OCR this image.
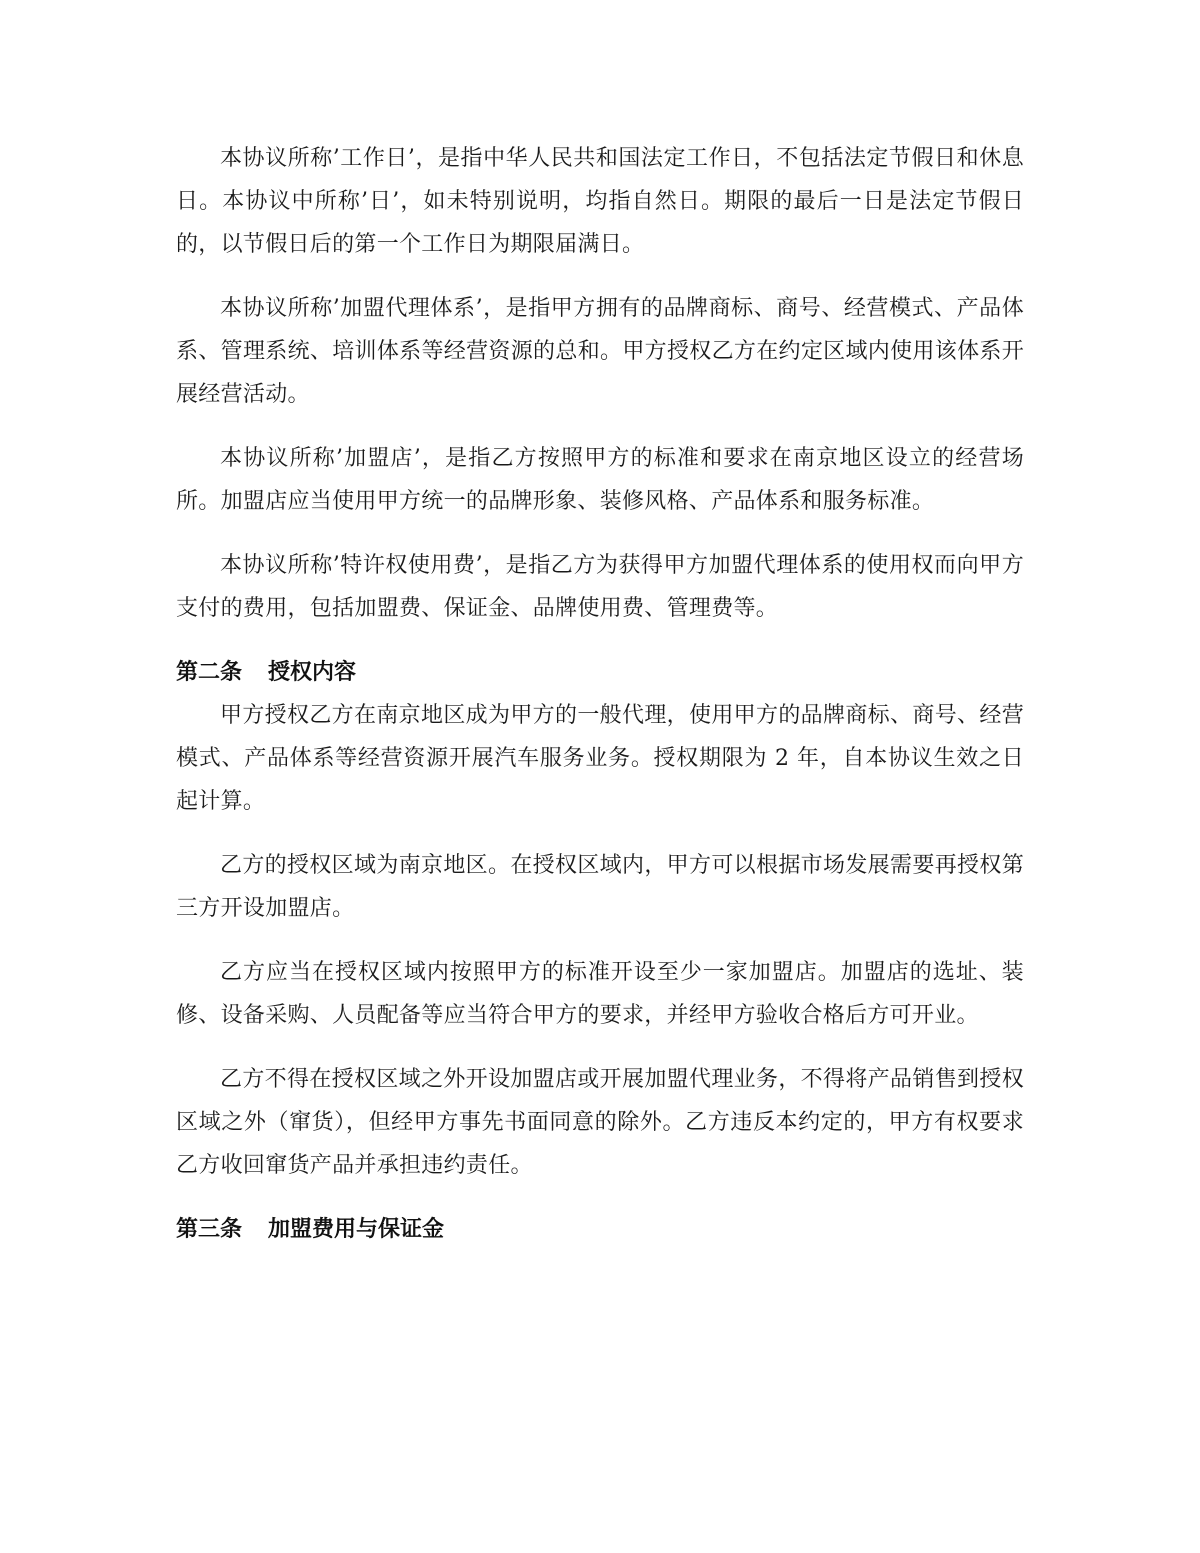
本协议所称’工作日’，是指中华人民共和国法定工作日，不包括法定节假日和休息日。本协议中所称’日’，如未特别说明，均指自然日。期限的最后一日是法定节假日的，以节假日后的第一个工作日为期限届满日。

本协议所称’加盟代理体系’，是指甲方拥有的品牌商标、商号、经营模式、产品体系、管理系统、培训体系等经营资源的总和。甲方授权乙方在约定区域内使用该体系开展经营活动。

本协议所称’加盟店’，是指乙方按照甲方的标准和要求在南京地区设立的经营场所。加盟店应当使用甲方统一的品牌形象、装修风格、产品体系和服务标准。

本协议所称’特许权使用费’，是指乙方为获得甲方加盟代理体系的使用权而向甲方支付的费用，包括加盟费、保证金、品牌使用费、管理费等。

第二条 授权内容

甲方授权乙方在南京地区成为甲方的一般代理，使用甲方的品牌商标、商号、经营模式、产品体系等经营资源开展汽车服务业务。授权期限为 2 年，自本协议生效之日起计算。

乙方的授权区域为南京地区。在授权区域内，甲方可以根据市场发展需要再授权第三方开设加盟店。

乙方应当在授权区域内按照甲方的标准开设至少一家加盟店。加盟店的选址、装修、设备采购、人员配备等应当符合甲方的要求，并经甲方验收合格后方可开业。

乙方不得在授权区域之外开设加盟店或开展加盟代理业务，不得将产品销售到授权区域之外（窜货），但经甲方事先书面同意的除外。乙方违反本约定的，甲方有权要求乙方收回窜货产品并承担违约责任。

第三条 加盟费用与保证金
